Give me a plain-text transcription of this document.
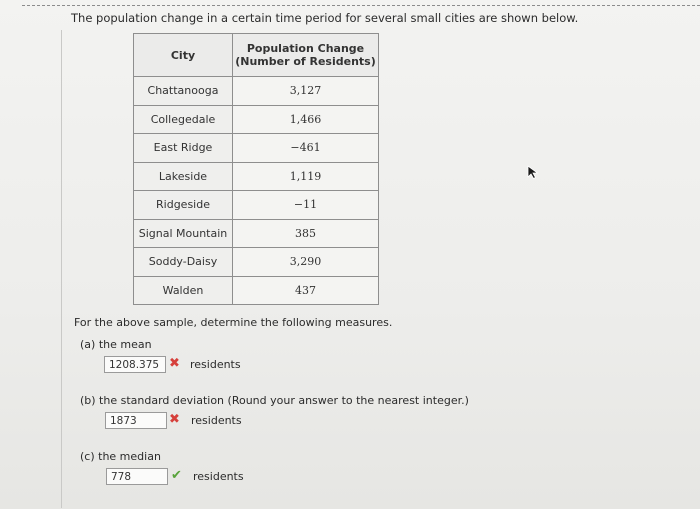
The population change in a certain time period for several small cities are shown below.
City	Population Change
(Number of Residents)
Chattanooga	3,127
Collegedale	1,466
East Ridge	−461
Lakeside	1,119
Ridgeside	−11
Signal Mountain	385
Soddy-Daisy	3,290
Walden	437
For the above sample, determine the following measures.
(a) the mean
1208.375 ✖ residents
(b) the standard deviation (Round your answer to the nearest integer.)
1873	✖ residents
(c) the median
778	✔ residents
